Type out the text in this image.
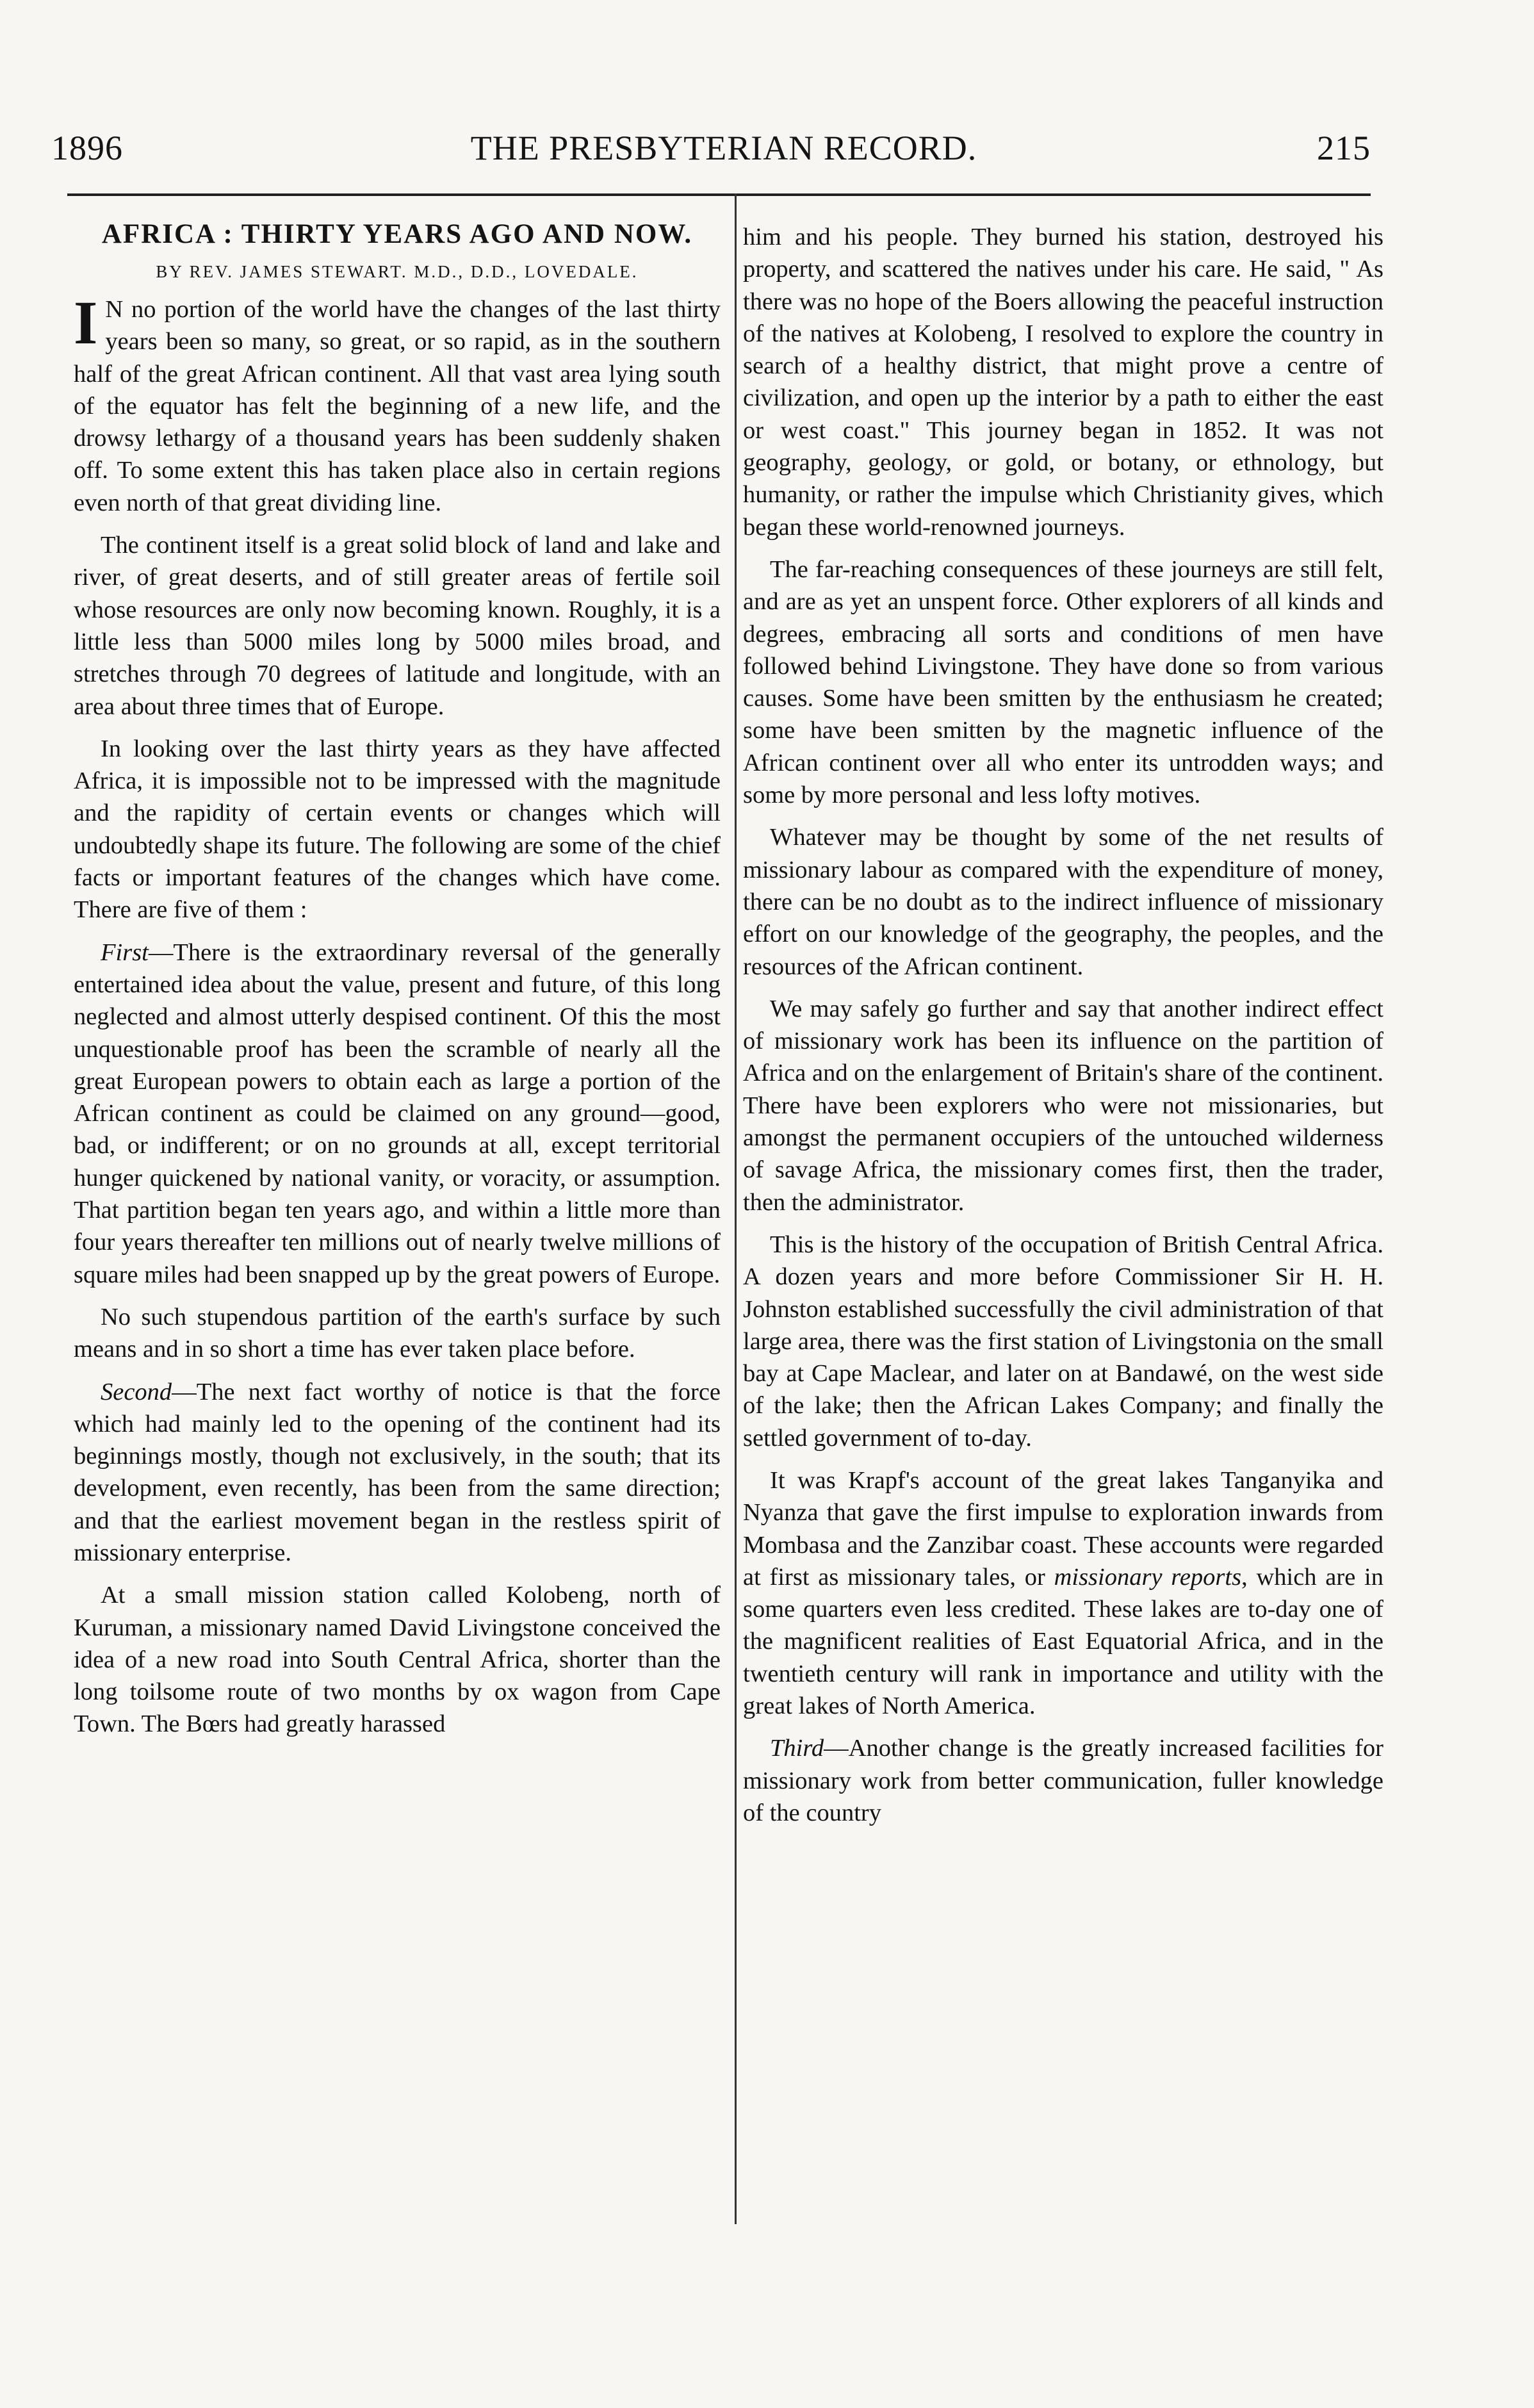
1896	THE PRESBYTERIAN RECORD.	215
AFRICA : THIRTY YEARS AGO AND NOW.
BY REV. JAMES STEWART. M.D., D.D., LOVEDALE.

I N no portion of the world have the changes of the last thirty years been so many, so great, or so rapid, as in the southern half of the great African continent. All that vast area lying south of the equator has felt the beginning of a new life, and the drowsy lethargy of a thousand years has been suddenly shaken off. To some extent this has taken place also in certain regions even north of that great dividing line.

The continent itself is a great solid block of land and lake and river, of great deserts, and of still greater areas of fertile soil whose resources are only now becoming known. Roughly, it is a little less than 5000 miles long by 5000 miles broad, and stretches through 70 degrees of latitude and longitude, with an area about three times that of Europe.

In looking over the last thirty years as they have affected Africa, it is impossible not to be impressed with the magnitude and the rapidity of certain events or changes which will undoubtedly shape its future. The following are some of the chief facts or important features of the changes which have come. There are five of them :

First—There is the extraordinary reversal of the generally entertained idea about the value, present and future, of this long neglected and almost utterly despised continent. Of this the most unquestionable proof has been the scramble of nearly all the great European powers to obtain each as large a portion of the African continent as could be claimed on any ground—good, bad, or indifferent; or on no grounds at all, except territorial hunger quickened by national vanity, or voracity, or assumption. That partition began ten years ago, and within a little more than four years thereafter ten millions out of nearly twelve millions of square miles had been snapped up by the great powers of Europe.

No such stupendous partition of the earth's surface by such means and in so short a time has ever taken place before.

Second—The next fact worthy of notice is that the force which had mainly led to the opening of the continent had its beginnings mostly, though not exclusively, in the south; that its development, even recently, has been from the same direction; and that the earliest movement began in the restless spirit of missionary enterprise.

At a small mission station called Kolobeng, north of Kuruman, a missionary named David Livingstone conceived the idea of a new road into South Central Africa, shorter than the long toilsome route of two months by ox wagon from Cape Town. The Bœrs had greatly harassed

him and his people. They burned his station, destroyed his property, and scattered the natives under his care. He said, " As there was no hope of the Boers allowing the peaceful instruction of the natives at Kolobeng, I resolved to explore the country in search of a healthy district, that might prove a centre of civilization, and open up the interior by a path to either the east or west coast." This journey began in 1852. It was not geography, geology, or gold, or botany, or ethnology, but humanity, or rather the impulse which Christianity gives, which began these world-renowned journeys.

The far-reaching consequences of these journeys are still felt, and are as yet an unspent force. Other explorers of all kinds and degrees, embracing all sorts and conditions of men have followed behind Livingstone. They have done so from various causes. Some have been smitten by the enthusiasm he created; some have been smitten by the magnetic influence of the African continent over all who enter its untrodden ways; and some by more personal and less lofty motives.

Whatever may be thought by some of the net results of missionary labour as compared with the expenditure of money, there can be no doubt as to the indirect influence of missionary effort on our knowledge of the geography, the peoples, and the resources of the African continent.

We may safely go further and say that another indirect effect of missionary work has been its influence on the partition of Africa and on the enlargement of Britain's share of the continent. There have been explorers who were not missionaries, but amongst the permanent occupiers of the untouched wilderness of savage Africa, the missionary comes first, then the trader, then the administrator.

This is the history of the occupation of British Central Africa. A dozen years and more before Commissioner Sir H. H. Johnston established successfully the civil administration of that large area, there was the first station of Livingstonia on the small bay at Cape Maclear, and later on at Bandawé, on the west side of the lake; then the African Lakes Company; and finally the settled government of to-day.

It was Krapf's account of the great lakes Tanganyika and Nyanza that gave the first impulse to exploration inwards from Mombasa and the Zanzibar coast. These accounts were regarded at first as missionary tales, or missionary reports, which are in some quarters even less credited. These lakes are to-day one of the magnificent realities of East Equatorial Africa, and in the twentieth century will rank in importance and utility with the great lakes of North America.

Third—Another change is the greatly increased facilities for missionary work from better communication, fuller knowledge of the country
